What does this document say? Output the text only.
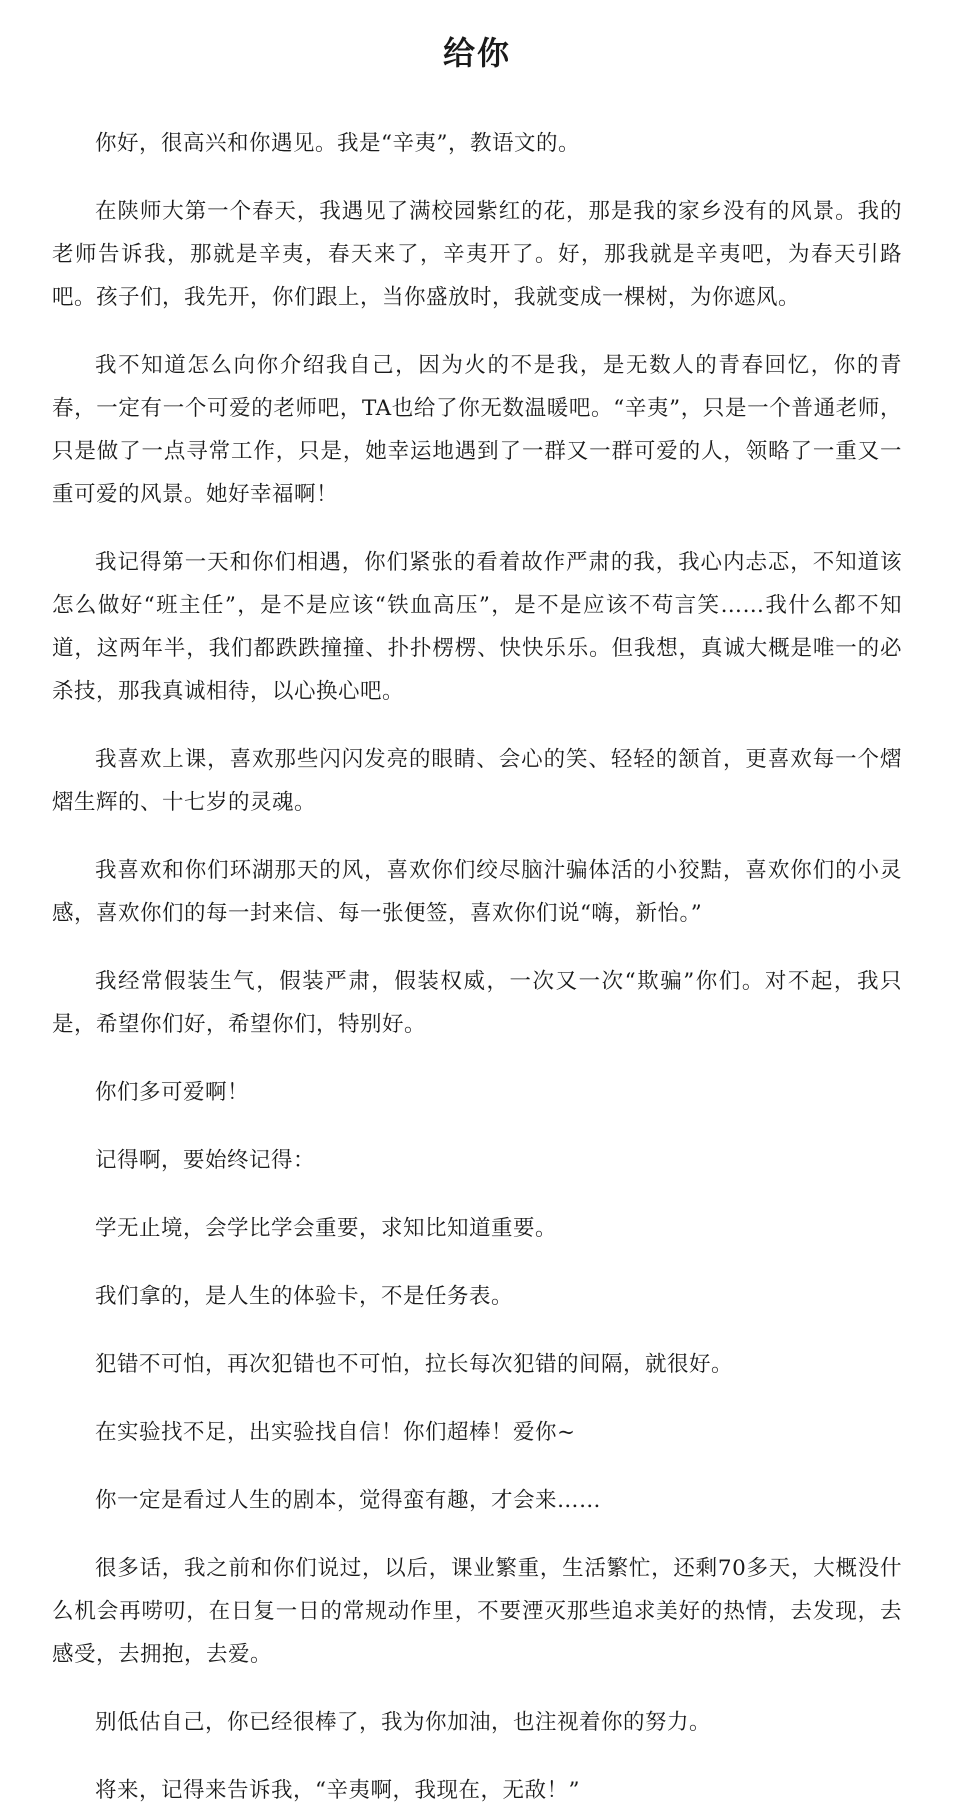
给你

你好，很高兴和你遇见。我是“辛夷”，教语文的。

在陕师大第一个春天，我遇见了满校园紫红的花，那是我的家乡没有的风景。我的老师告诉我，那就是辛夷，春天来了，辛夷开了。好，那我就是辛夷吧，为春天引路吧。孩子们，我先开，你们跟上，当你盛放时，我就变成一棵树，为你遮风。

我不知道怎么向你介绍我自己，因为火的不是我，是无数人的青春回忆，你的青春，一定有一个可爱的老师吧，TA也给了你无数温暖吧。“辛夷”，只是一个普通老师，只是做了一点寻常工作，只是，她幸运地遇到了一群又一群可爱的人，领略了一重又一重可爱的风景。她好幸福啊！

我记得第一天和你们相遇，你们紧张的看着故作严肃的我，我心内忐忑，不知道该怎么做好“班主任”，是不是应该“铁血高压”，是不是应该不苟言笑……我什么都不知道，这两年半，我们都跌跌撞撞、扑扑楞楞、快快乐乐。但我想，真诚大概是唯一的必杀技，那我真诚相待，以心换心吧。

我喜欢上课，喜欢那些闪闪发亮的眼睛、会心的笑、轻轻的颔首，更喜欢每一个熠熠生辉的、十七岁的灵魂。

我喜欢和你们环湖那天的风，喜欢你们绞尽脑汁骗体活的小狡黠，喜欢你们的小灵感，喜欢你们的每一封来信、每一张便签，喜欢你们说“嗨，新怡。”

我经常假装生气，假装严肃，假装权威，一次又一次“欺骗”你们。对不起，我只是，希望你们好，希望你们，特别好。

你们多可爱啊！

记得啊，要始终记得：

学无止境，会学比学会重要，求知比知道重要。

我们拿的，是人生的体验卡，不是任务表。

犯错不可怕，再次犯错也不可怕，拉长每次犯错的间隔，就很好。

在实验找不足，出实验找自信！你们超棒！爱你~

你一定是看过人生的剧本，觉得蛮有趣，才会来……

很多话，我之前和你们说过，以后，课业繁重，生活繁忙，还剩70多天，大概没什么机会再唠叨，在日复一日的常规动作里，不要湮灭那些追求美好的热情，去发现，去感受，去拥抱，去爱。

别低估自己，你已经很棒了，我为你加油，也注视着你的努力。

将来，记得来告诉我，“辛夷啊，我现在，无敌！”
